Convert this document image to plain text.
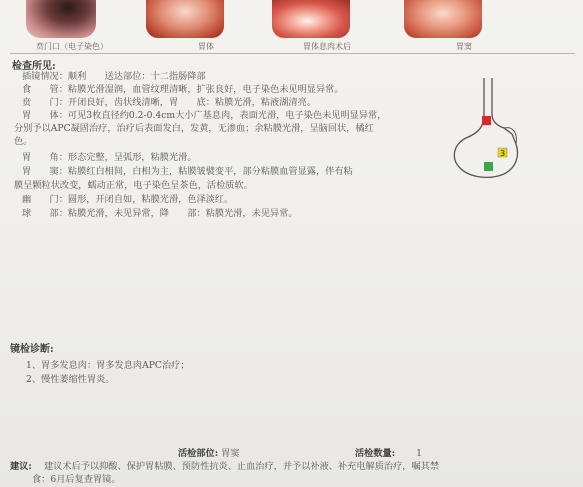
贲门口（电子染色）	胃体	胃体息肉术后	胃窦
检查所见:
插镜情况：顺利　　送达部位：十二指肠降部
食　　管：粘膜光滑湿润，血管纹理清晰，扩张良好，电子染色未见明显异常。
贲　　门：开闭良好，齿状线清晰，胃　　底：粘膜光滑，粘液湖清亮。
胃　　体：可见3枚直径约0.2-0.4cm大小广基息肉，表面光滑，电子染色未见明显异常，
分别予以APC凝固治疗，治疗后表面发白，发黄，无渗血；余粘膜光滑，呈脑回状，橘红
色。
胃　　角：形态完整，呈弧形，粘膜光滑。
胃　　窦：粘膜红白相间，白相为主，粘膜皱襞变平，部分粘膜血管显露，伴有粘
膜呈颗粒状改变，蠕动正常，电子染色呈茶色，活检质软。
幽　　门：圆形，开闭自如，粘膜光滑，色泽淡红。
球　　部：粘膜光滑，未见异常，降　　部：粘膜光滑，未见异常。
3
镜检诊断:
1、胃多发息肉：胃多发息肉APC治疗；
2、慢性萎缩性胃炎。
活检部位: 胃窦	活检数量: 1
建议: 建议术后予以抑酸、保护胃粘膜、预防性抗炎、止血治疗，并予以补液、补充电解质治疗，嘱其禁
食：6月后复查胃镜。
